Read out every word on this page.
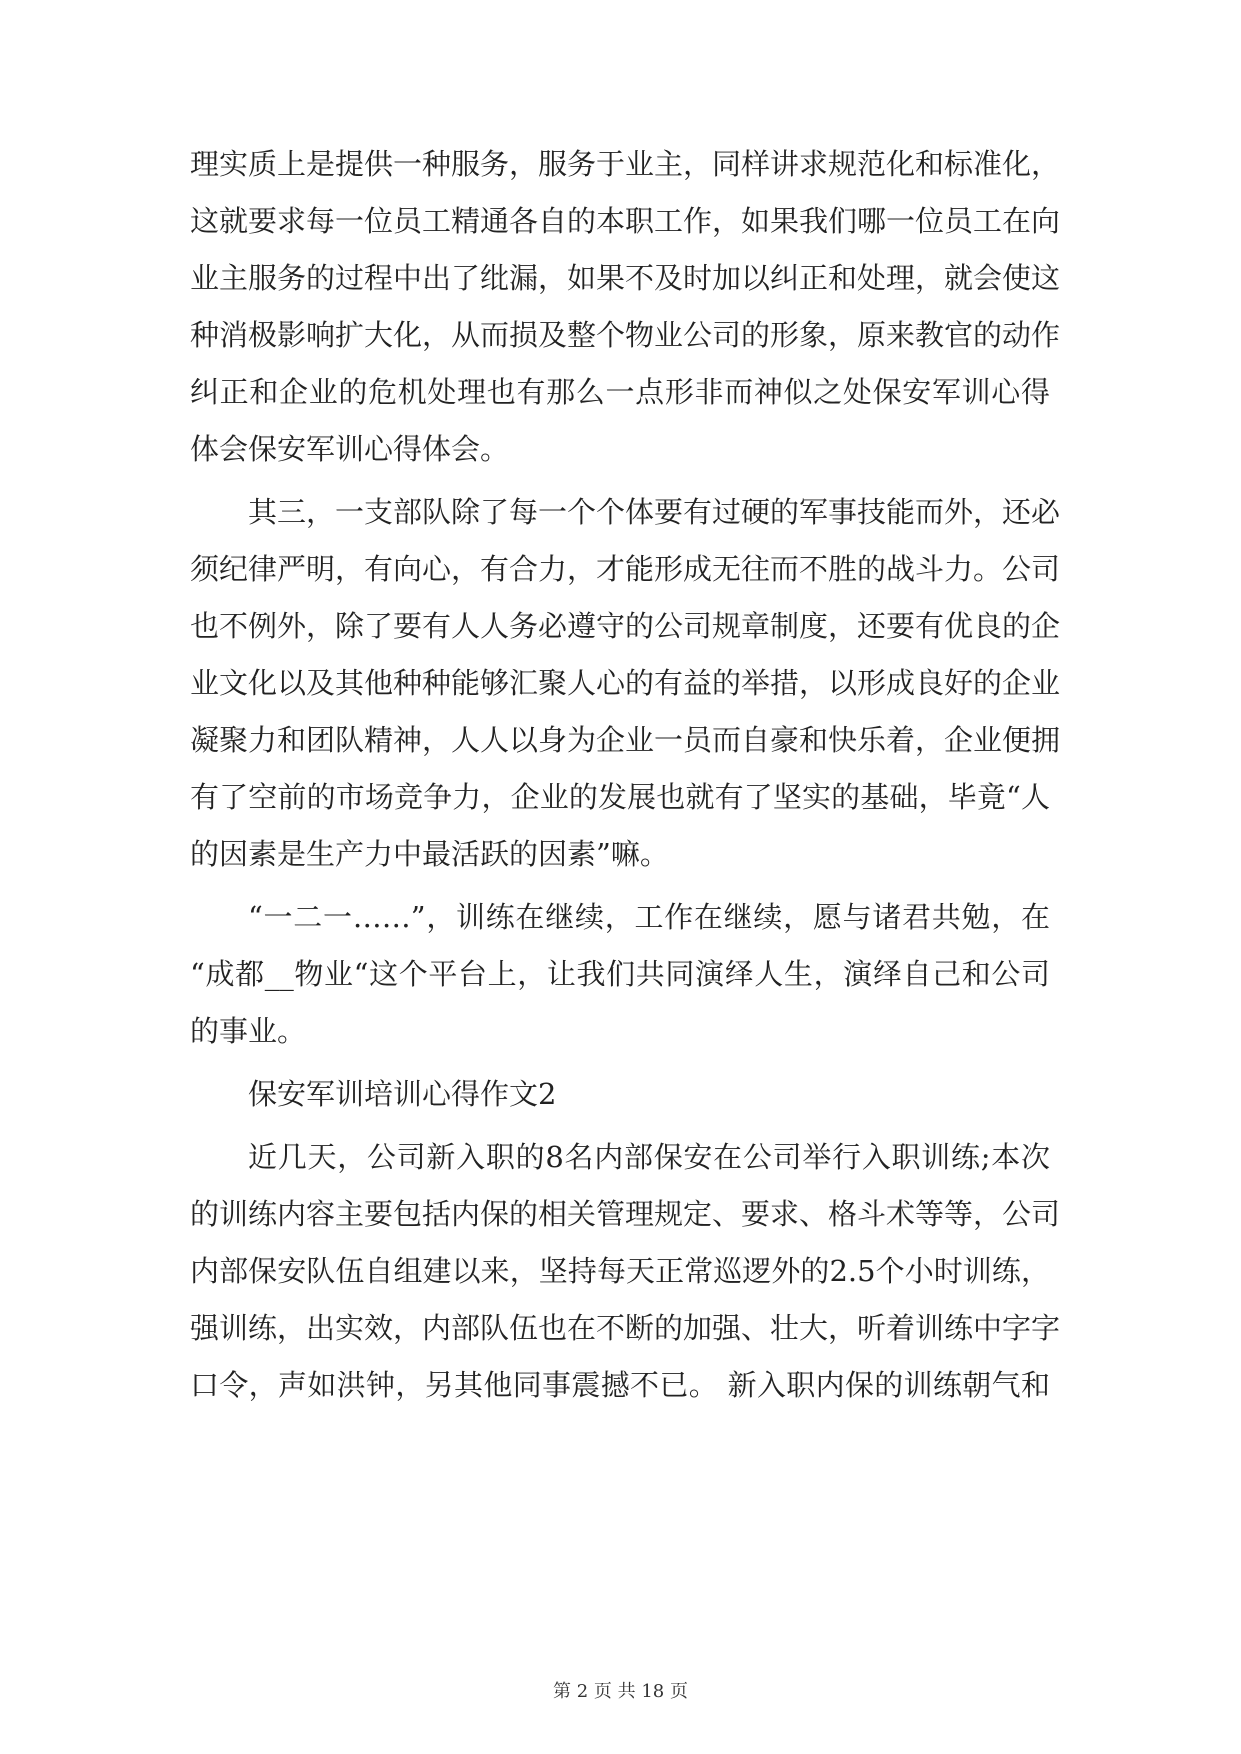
理实质上是提供一种服务，服务于业主，同样讲求规范化和标准化，
这就要求每一位员工精通各自的本职工作，如果我们哪一位员工在向
业主服务的过程中出了纰漏，如果不及时加以纠正和处理，就会使这
种消极影响扩大化，从而损及整个物业公司的形象，原来教官的动作
纠正和企业的危机处理也有那么一点形非而神似之处保安军训心得
体会保安军训心得体会。
其三，一支部队除了每一个个体要有过硬的军事技能而外，还必
须纪律严明，有向心，有合力，才能形成无往而不胜的战斗力。公司
也不例外，除了要有人人务必遵守的公司规章制度，还要有优良的企
业文化以及其他种种能够汇聚人心的有益的举措，以形成良好的企业
凝聚力和团队精神，人人以身为企业一员而自豪和快乐着，企业便拥
有了空前的市场竞争力，企业的发展也就有了坚实的基础，毕竟“人
的因素是生产力中最活跃的因素”嘛。
“一二一……”，训练在继续，工作在继续，愿与诸君共勉，在
“成都__物业“这个平台上，让我们共同演绎人生，演绎自己和公司
的事业。
保安军训培训心得作文2
近几天，公司新入职的8名内部保安在公司举行入职训练;本次
的训练内容主要包括内保的相关管理规定、要求、格斗术等等，公司
内部保安队伍自组建以来，坚持每天正常巡逻外的2.5个小时训练，
强训练，出实效，内部队伍也在不断的加强、壮大，听着训练中字字
口令，声如洪钟，另其他同事震撼不已。 新入职内保的训练朝气和
第 2 页 共 18 页
